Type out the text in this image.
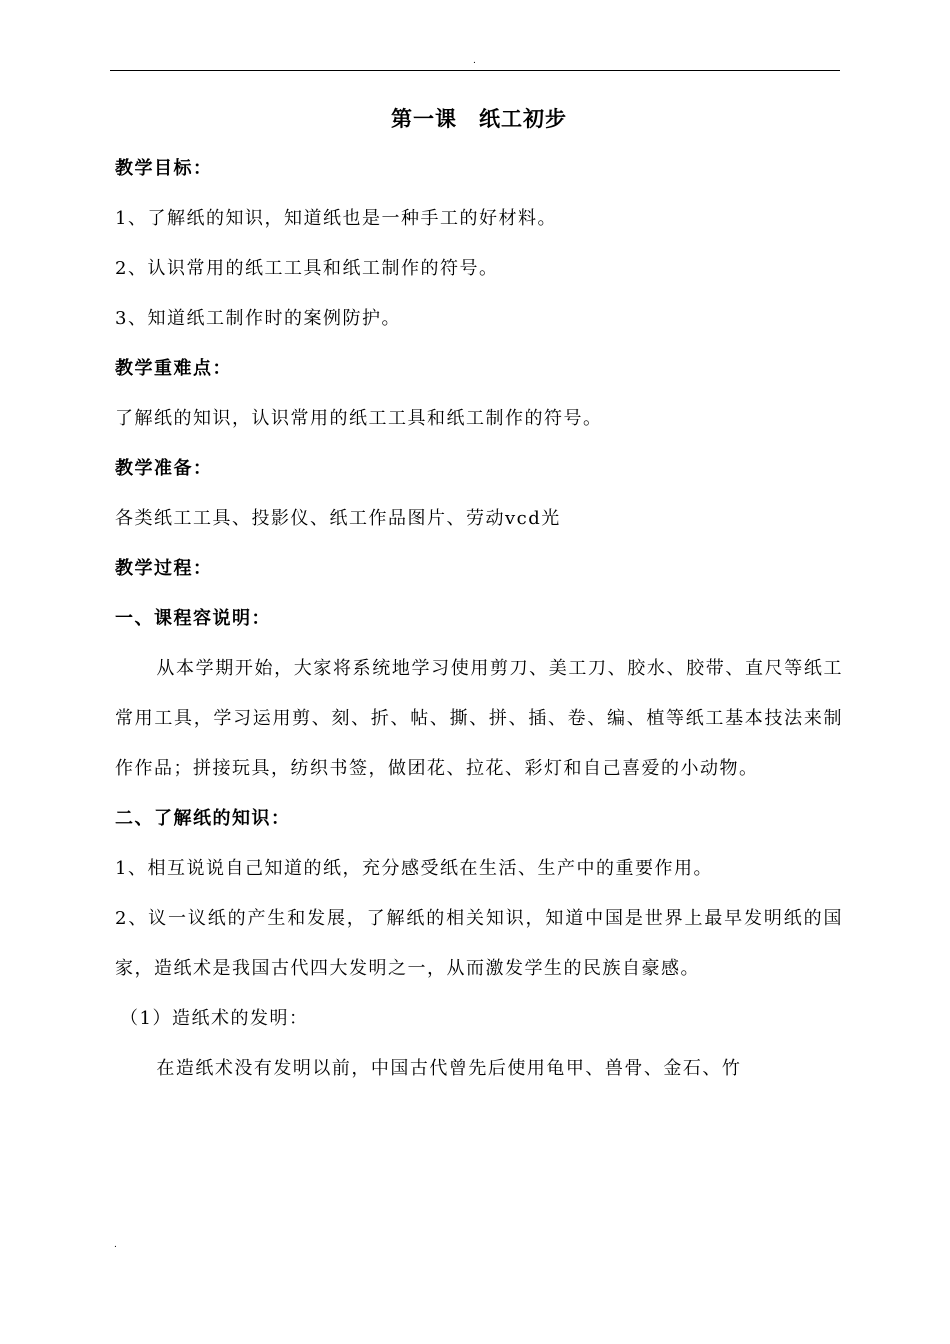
.
第一课　纸工初步
教学目标：
1、了解纸的知识，知道纸也是一种手工的好材料。
2、认识常用的纸工工具和纸工制作的符号。
3、知道纸工制作时的案例防护。
教学重难点：
了解纸的知识，认识常用的纸工工具和纸工制作的符号。
教学准备：
各类纸工工具、投影仪、纸工作品图片、劳动vcd光
教学过程：
一、课程容说明：
从本学期开始，大家将系统地学习使用剪刀、美工刀、胶水、胶带、直尺等纸工常用工具，学习运用剪、刻、折、帖、撕、拼、插、卷、编、植等纸工基本技法来制作作品；拼接玩具，纺织书签，做团花、拉花、彩灯和自己喜爱的小动物。
二、了解纸的知识：
1、相互说说自己知道的纸，充分感受纸在生活、生产中的重要作用。
2、议一议纸的产生和发展，了解纸的相关知识，知道中国是世界上最早发明纸的国家，造纸术是我国古代四大发明之一，从而激发学生的民族自豪感。
（1）造纸术的发明：
在造纸术没有发明以前，中国古代曾先后使用龟甲、兽骨、金石、竹
.
